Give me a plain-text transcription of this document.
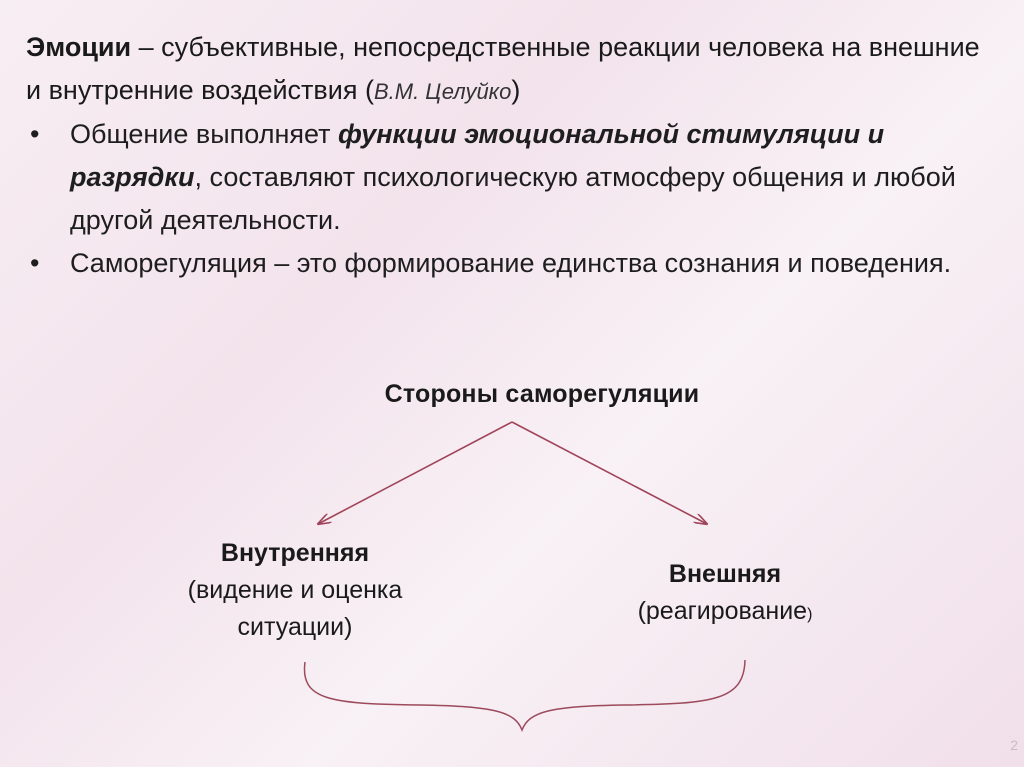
Эмоции – субъективные, непосредственные реакции человека на внешние и внутренние воздействия (В.М. Целуйко)

• Общение выполняет функции эмоциональной стимуляции и разрядки, составляют психологическую атмосферу общения и любой другой деятельности.

• Саморегуляция – это формирование единства сознания и поведения.

Стороны саморегуляции
Внутренняя
(видение и оценка ситуации)
Внешняя
(реагирование)
2
